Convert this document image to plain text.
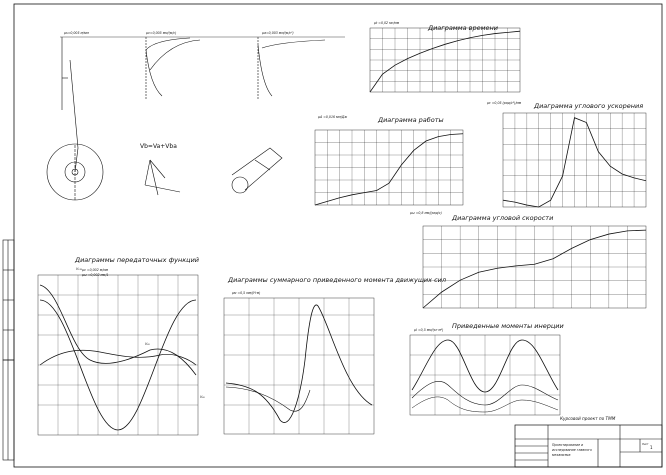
μs=0,005 м/мм	μv=0,005 мм/(м/с)	μa=0,003 мм/(м/с²)
Vb=Va+Vba
Диаграмма времени
μt =0,02 мс/мм
Диаграмма работы
μA =0,016 мм/Дж
Диаграмма углового ускорения
με =0,05 (рад/с²)/мм
Диаграмма угловой скорости
μω =0,8 мм/(рад/с)
Диаграммы передаточных функций
μv =0,002 м/мм
μω =0,002 мм/1
V₁₂₀
V₂₀
V₃₀
Диаграммы суммарного приведенного момента движущих сил
μм =0,5 мм/(Н·м)
Приведенные моменты инерции
μI =0,5 мм/(кг·м²)
Курсовой проект по ТММ
Проектирование и
исследование главного
механизма
Лист
1
